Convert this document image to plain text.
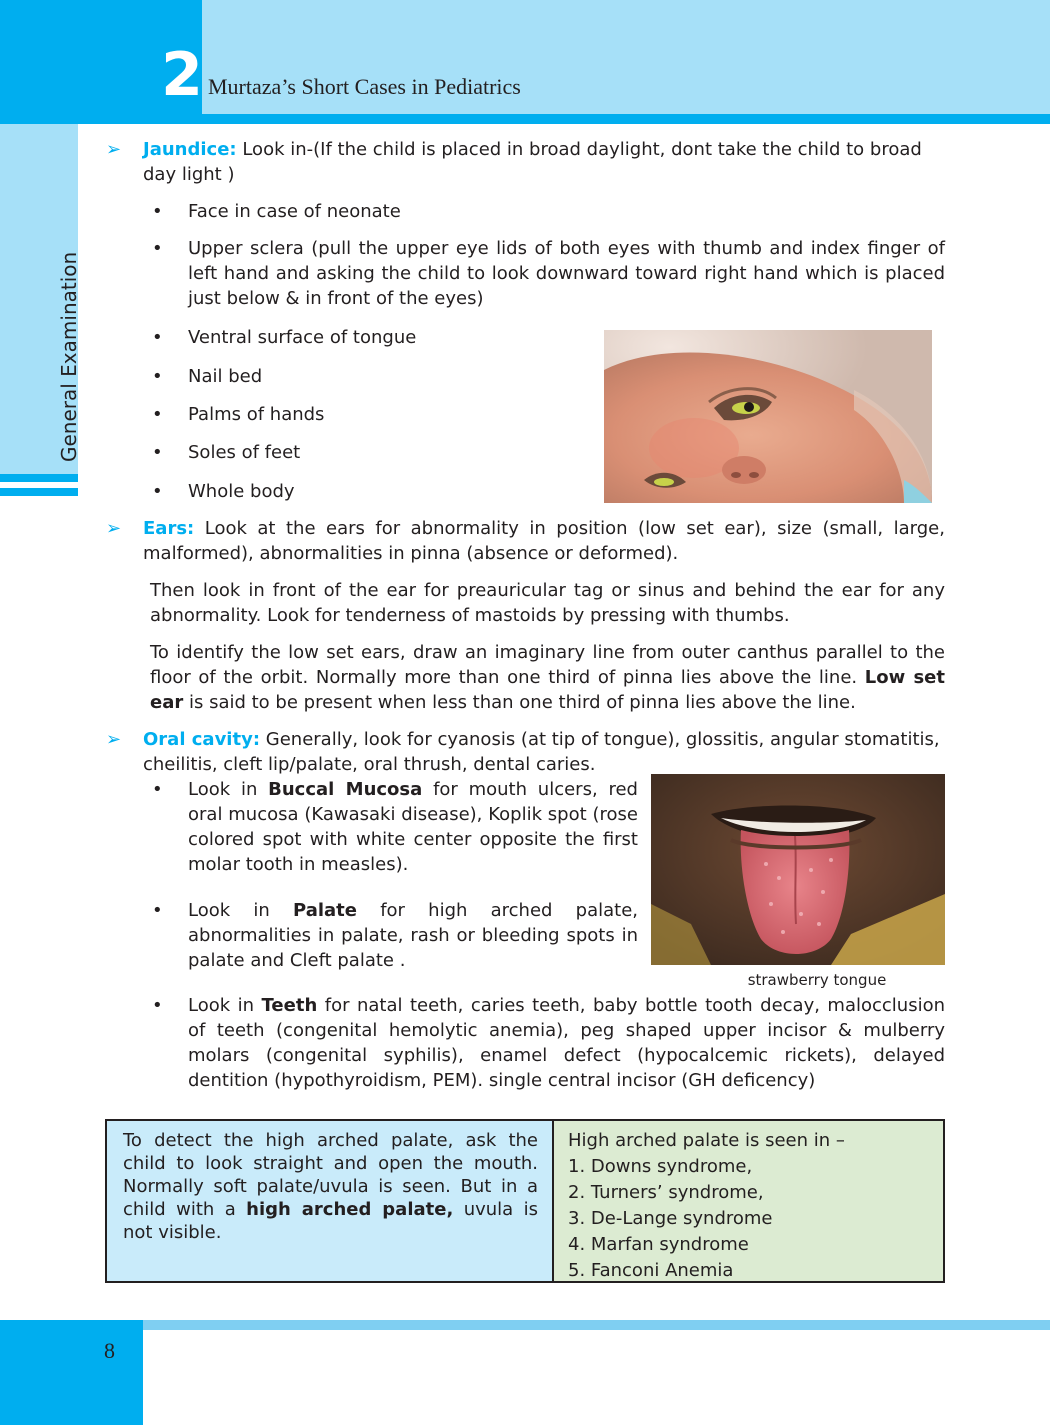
2 Murtaza’s Short Cases in Pediatrics
General Examination
➢ Jaundice: Look in-(If the child is placed in broad daylight, dont take the child to broad
day light )
• Face in case of neonate
• Upper sclera (pull the upper eye lids of both eyes with thumb and index finger of left hand and asking the child to look downward toward right hand which is placed just below & in front of the eyes)
• Ventral surface of tongue
• Nail bed
• Palms of hands
• Soles of feet
• Whole body
➢ Ears: Look at the ears for abnormality in position (low set ear), size (small, large, malformed), abnormalities in pinna (absence or deformed).
Then look in front of the ear for preauricular tag or sinus and behind the ear for any abnormality. Look for tenderness of mastoids by pressing with thumbs.
To identify the low set ears, draw an imaginary line from outer canthus parallel to the floor of the orbit. Normally more than one third of pinna lies above the line. Low set ear is said to be present when less than one third of pinna lies above the line.
➢ Oral cavity: Generally, look for cyanosis (at tip of tongue), glossitis, angular stomatitis,
cheilitis, cleft lip/palate, oral thrush, dental caries.
• Look in Buccal Mucosa for mouth ulcers, red oral mucosa (Kawasaki disease), Koplik spot (rose colored spot with white center opposite the first molar tooth in measles).
• Look in Palate for high arched palate, abnormalities in palate, rash or bleeding spots in palate and Cleft palate .
strawberry tongue
• Look in Teeth for natal teeth, caries teeth, baby bottle tooth decay, malocclusion of teeth (congenital hemolytic anemia), peg shaped upper incisor & mulberry molars (congenital syphilis), enamel defect (hypocalcemic rickets), delayed dentition (hypothyroidism, PEM). single central incisor (GH deficency)
To detect the high arched palate, ask the child to look straight and open the mouth. Normally soft palate/uvula is seen. But in a child with a high arched palate, uvula is not visible.
High arched palate is seen in –
1. Downs syndrome,
2. Turners’ syndrome,
3. De-Lange syndrome
4. Marfan syndrome
5. Fanconi Anemia
8
